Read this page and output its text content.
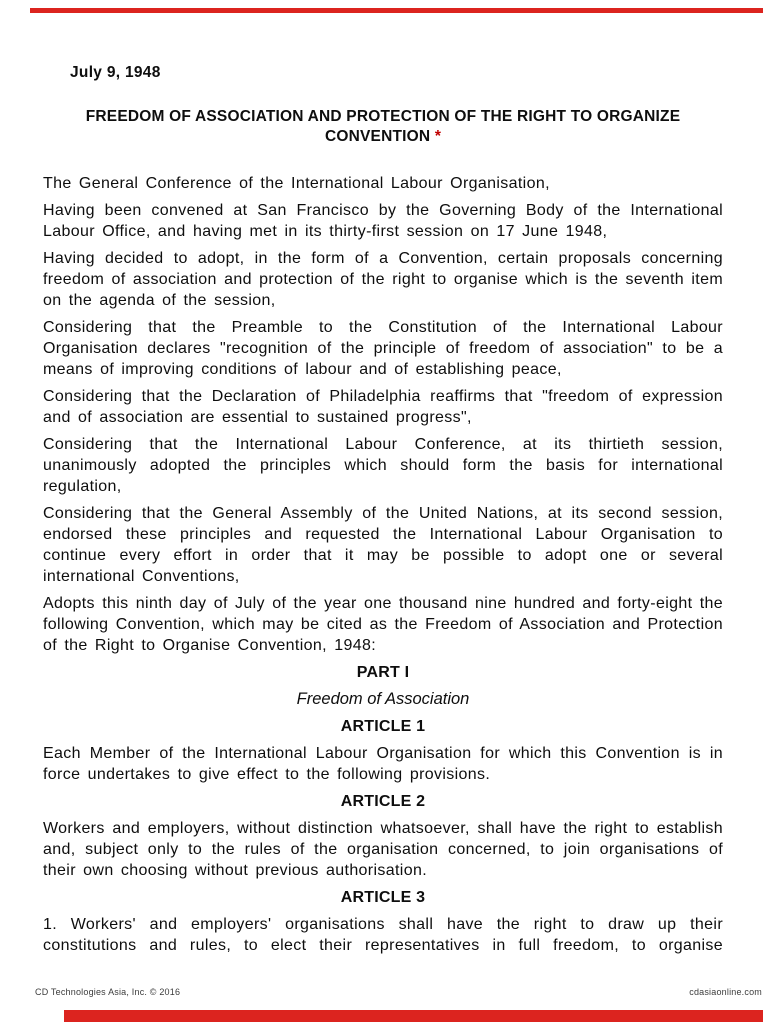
July 9, 1948
FREEDOM OF ASSOCIATION AND PROTECTION OF THE RIGHT TO ORGANIZE
CONVENTION *

The General Conference of the International Labour Organisation,

Having been convened at San Francisco by the Governing Body of the International Labour Office, and having met in its thirty-first session on 17 June 1948,

Having decided to adopt, in the form of a Convention, certain proposals concerning freedom of association and protection of the right to organise which is the seventh item on the agenda of the session,

Considering that the Preamble to the Constitution of the International Labour Organisation declares "recognition of the principle of freedom of association" to be a means of improving conditions of labour and of establishing peace,

Considering that the Declaration of Philadelphia reaffirms that "freedom of expression and of association are essential to sustained progress",

Considering that the International Labour Conference, at its thirtieth session, unanimously adopted the principles which should form the basis for international regulation,

Considering that the General Assembly of the United Nations, at its second session, endorsed these principles and requested the International Labour Organisation to continue every effort in order that it may be possible to adopt one or several international Conventions,

Adopts this ninth day of July of the year one thousand nine hundred and forty-eight the following Convention, which may be cited as the Freedom of Association and Protection of the Right to Organise Convention, 1948:

PART I
Freedom of Association
ARTICLE 1

Each Member of the International Labour Organisation for which this Convention is in force undertakes to give effect to the following provisions.

ARTICLE 2

Workers and employers, without distinction whatsoever, shall have the right to establish and, subject only to the rules of the organisation concerned, to join organisations of their own choosing without previous authorisation.

ARTICLE 3

1. Workers' and employers' organisations shall have the right to draw up their constitutions and rules, to elect their representatives in full freedom, to organise

CD Technologies Asia, Inc. © 2016	cdasiaonline.com
